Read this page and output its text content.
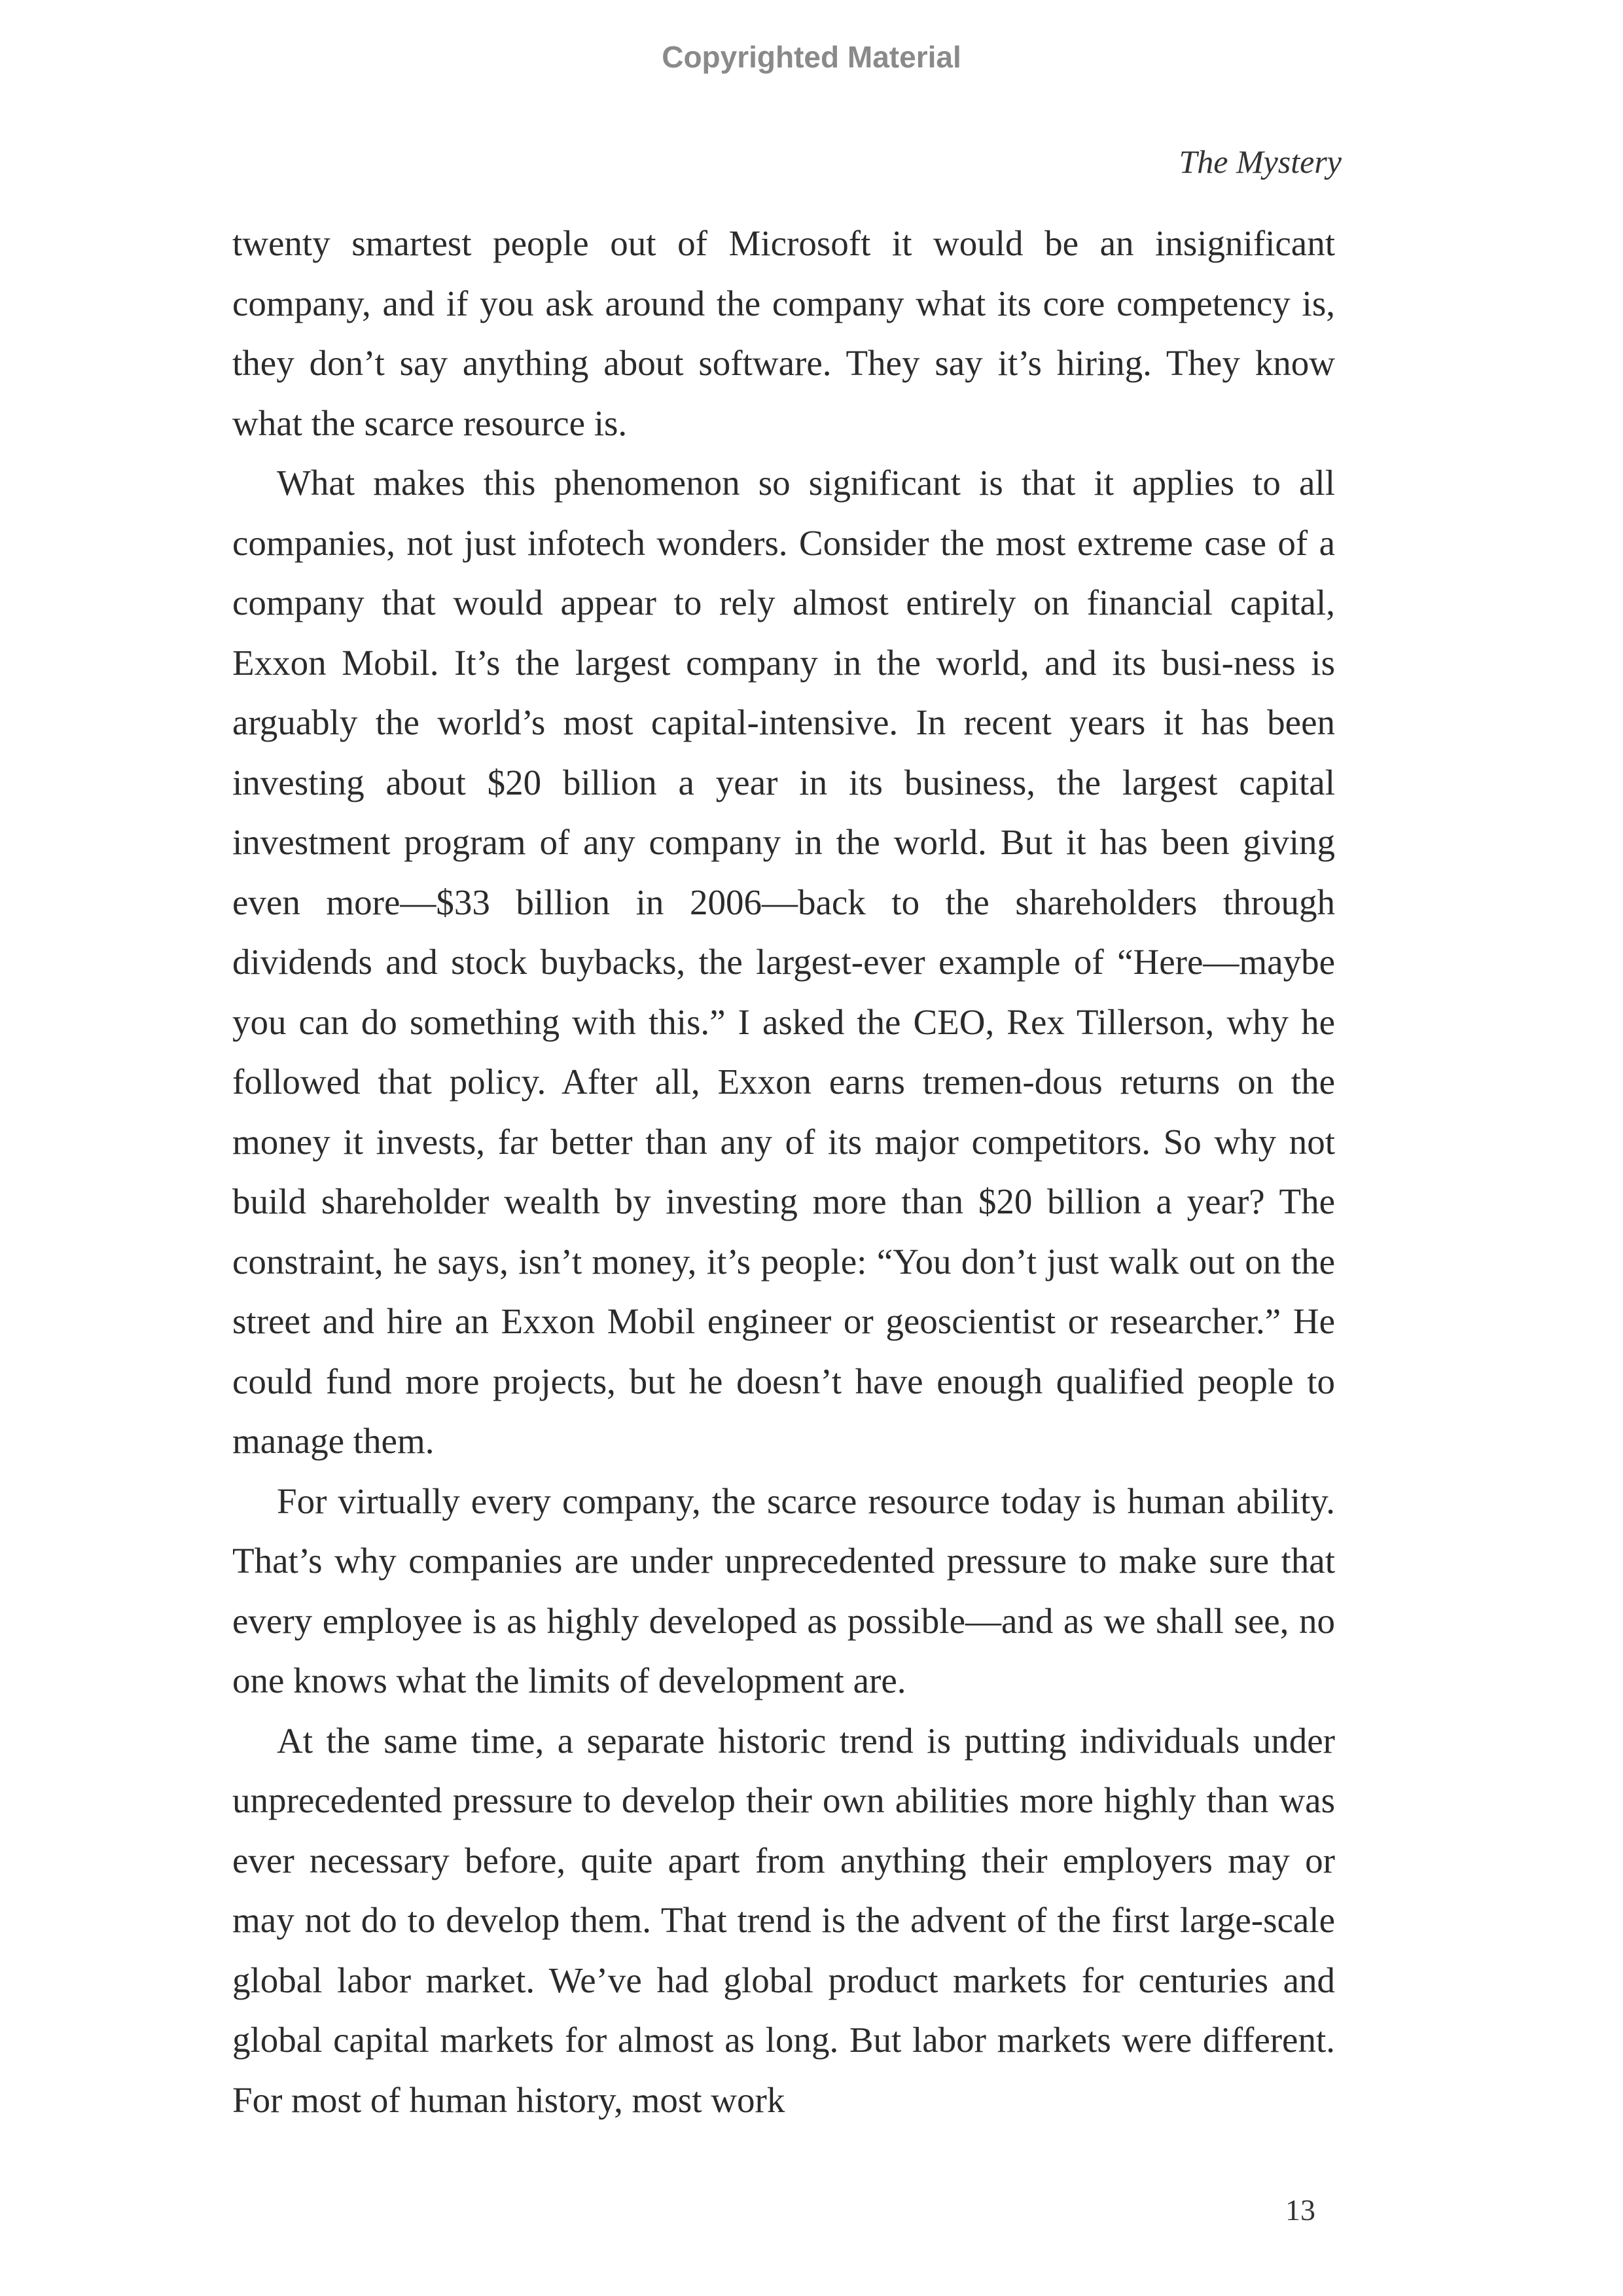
Copyrighted Material
The Mystery

twenty smartest people out of Microsoft it would be an insignificant company, and if you ask around the company what its core competency is, they don’t say anything about software. They say it’s hiring. They know what the scarce resource is.

What makes this phenomenon so significant is that it applies to all companies, not just infotech wonders. Consider the most extreme case of a company that would appear to rely almost entirely on financial capital, Exxon Mobil. It’s the largest company in the world, and its busi-ness is arguably the world’s most capital-intensive. In recent years it has been investing about $20 billion a year in its business, the largest capital investment program of any company in the world. But it has been giving even more—$33 billion in 2006—back to the shareholders through dividends and stock buybacks, the largest-ever example of “Here—maybe you can do something with this.” I asked the CEO, Rex Tillerson, why he followed that policy. After all, Exxon earns tremen-dous returns on the money it invests, far better than any of its major competitors. So why not build shareholder wealth by investing more than $20 billion a year? The constraint, he says, isn’t money, it’s people: “You don’t just walk out on the street and hire an Exxon Mobil engineer or geoscientist or researcher.” He could fund more projects, but he doesn’t have enough qualified people to manage them.

For virtually every company, the scarce resource today is human ability. That’s why companies are under unprecedented pressure to make sure that every employee is as highly developed as possible—and as we shall see, no one knows what the limits of development are.

At the same time, a separate historic trend is putting individuals under unprecedented pressure to develop their own abilities more highly than was ever necessary before, quite apart from anything their employers may or may not do to develop them. That trend is the advent of the first large-scale global labor market. We’ve had global product markets for centuries and global capital markets for almost as long. But labor markets were different. For most of human history, most work

13
